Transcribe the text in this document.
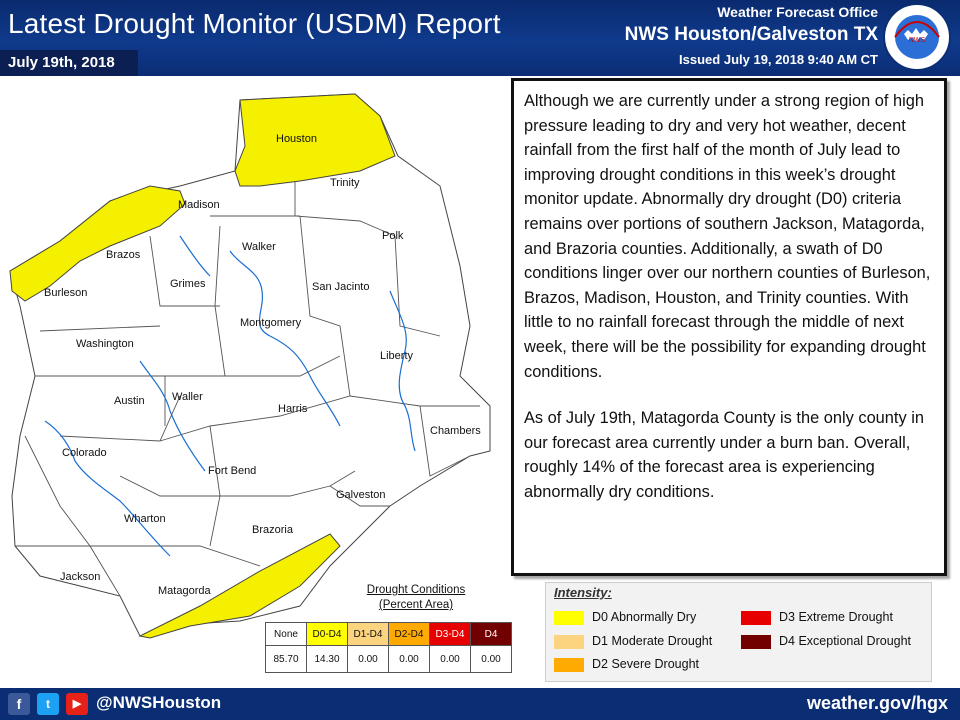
Latest Drought Monitor (USDM) Report
July 19th, 2018
Weather Forecast Office
NWS Houston/Galveston TX
Issued July 19, 2018 9:40 AM CT
NWS
Houston
Trinity
Madison
Brazos
Walker
Polk
Burleson
Grimes	San Jacinto
Montgomery
Washington
Liberty
Austin Waller
Harris
Chambers
Colorado
Fort Bend
Galveston
Wharton
Brazoria
Jackson
Matagorda	Drought Conditions
(Percent Area)
None	D0-D4	D1-D4	D2-D4	D3-D4	D4
85.70	14.30	0.00	0.00	0.00	0.00

Although we are currently under a strong region of high pressure leading to dry and very hot weather, decent rainfall from the first half of the month of July lead to improving drought conditions in this week’s drought monitor update. Abnormally dry drought (D0) criteria remains over portions of southern Jackson, Matagorda, and Brazoria counties. Additionally, a swath of D0 conditions linger over our northern counties of Burleson, Brazos, Madison, Houston, and Trinity counties. With little to no rainfall forecast through the middle of next week, there will be the possibility for expanding drought conditions.

As of July 19th, Matagorda County is the only county in our forecast area currently under a burn ban. Overall, roughly 14% of the forecast area is experiencing abnormally dry conditions.

Intensity:
D0 Abnormally Dry
D1 Moderate Drought
D2 Severe Drought
D3 Extreme Drought
D4 Exceptional Drought
f	t	▶ @NWSHouston	weather.gov/hgx
